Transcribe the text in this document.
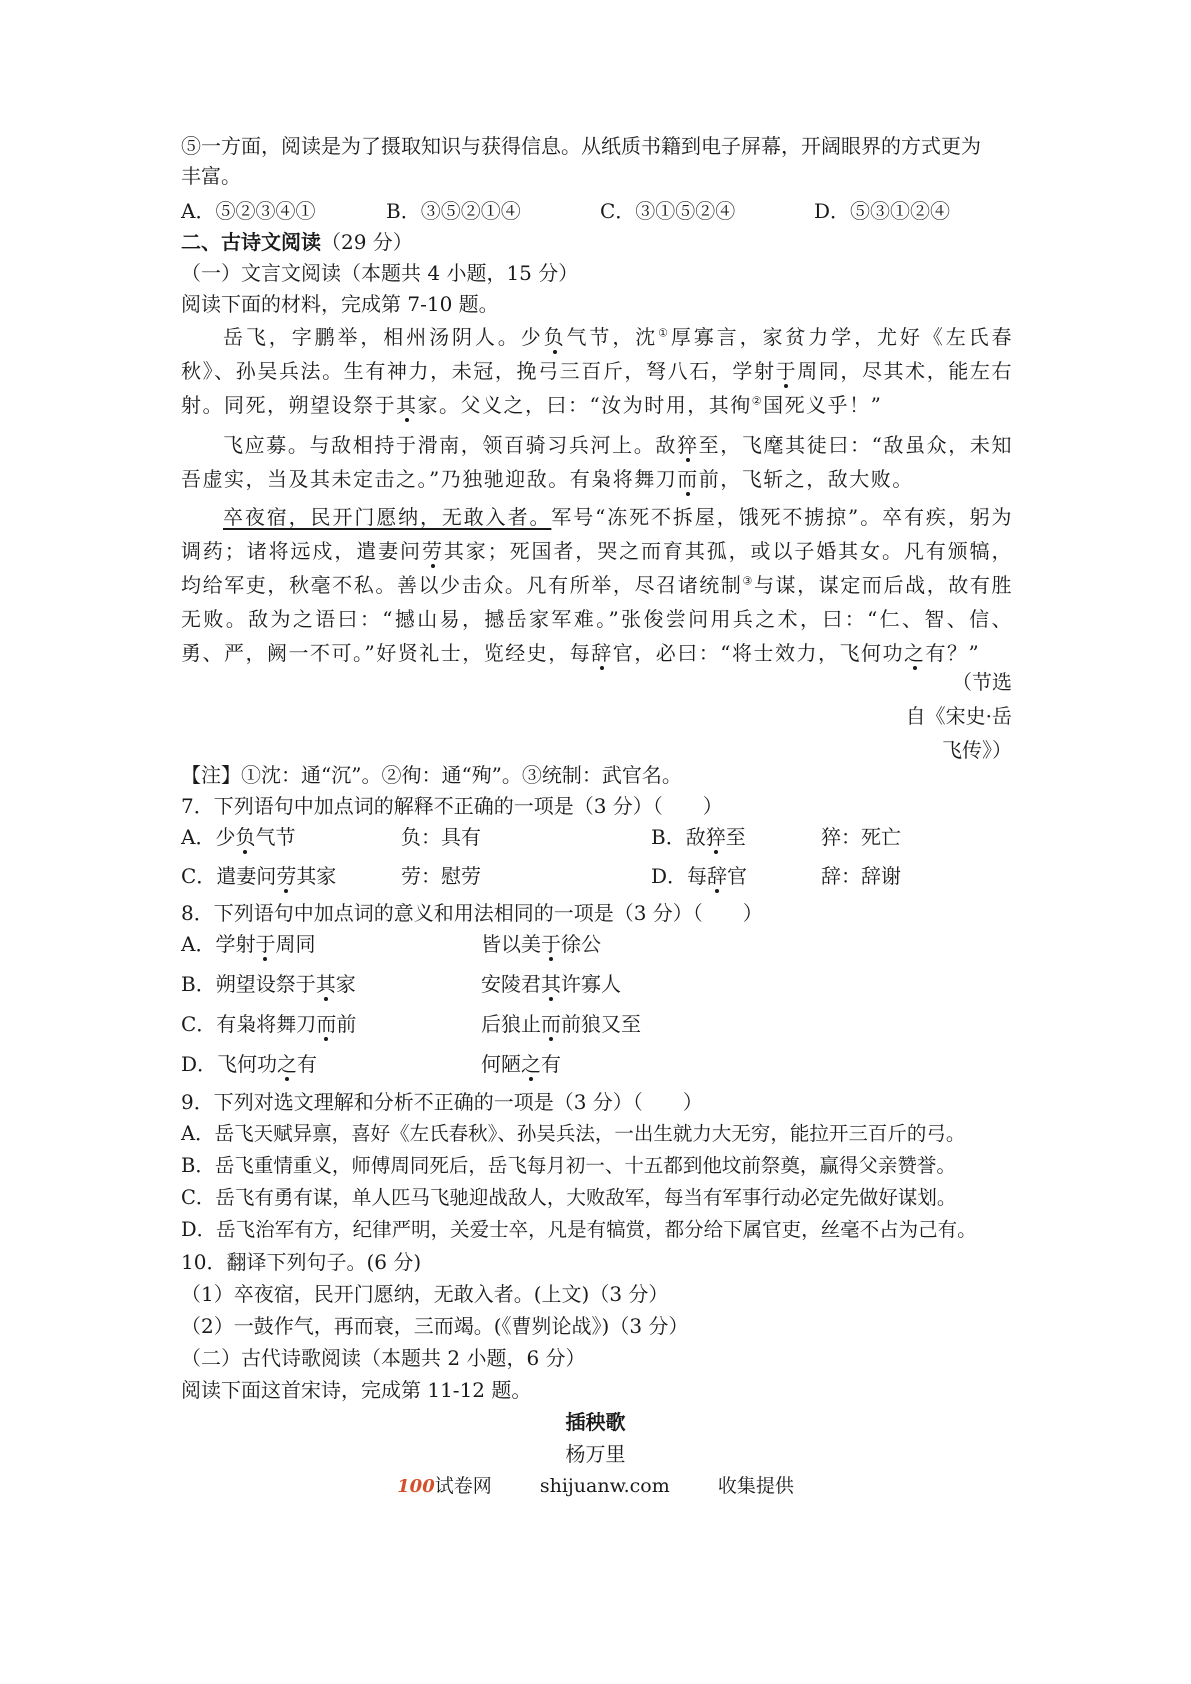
⑤一方面，阅读是为了摄取知识与获得信息。从纸质书籍到电子屏幕，开阔眼界的方式更为
丰富。
A．⑤②③④①	B．③⑤②①④	C．③①⑤②④	D．⑤③①②④
二、古诗文阅读（29 分）
（一）文言文阅读（本题共 4 小题，15 分）
阅读下面的材料，完成第 7-10 题。
岳飞，字鹏举，相州汤阴人。少负气节，沈①厚寡言，家贫力学，尤好《左氏春秋》、孙吴兵法。生有神力，未冠，挽弓三百斤，弩八石，学射于周同，尽其术，能左右射。同死，朔望设祭于其家。父义之，曰：“汝为时用，其徇②国死义乎！”
飞应募。与敌相持于滑南，领百骑习兵河上。敌猝至，飞麾其徒曰：“敌虽众，未知吾虚实，当及其未定击之。”乃独驰迎敌。有枭将舞刀而前，飞斩之，敌大败。
卒夜宿，民开门愿纳，无敢入者。军号“冻死不拆屋，饿死不掳掠”。卒有疾，躬为调药；诸将远戍，遣妻问劳其家；死国者，哭之而育其孤，或以子婚其女。凡有颁犒，均给军吏，秋毫不私。善以少击众。凡有所举，尽召诸统制③与谋，谋定而后战，故有胜无败。敌为之语曰：“撼山易，撼岳家军难。”张俊尝问用兵之术，曰：“仁、智、信、勇、严，阙一不可。”好贤礼士，览经史，每辞官，必曰：“将士效力，飞何功之有？”
（节选
自《宋史·岳
飞传》）
【注】①沈：通“沉”。②徇：通“殉”。③统制：武官名。
7．下列语句中加点词的解释不正确的一项是（3 分）（　　）
A．少负气节	负：具有	B．敌猝至	猝：死亡
C．遣妻问劳其家	劳：慰劳	D．每辞官	辞：辞谢
8．下列语句中加点词的意义和用法相同的一项是（3 分）（　　）
A．学射于周同	皆以美于徐公
B．朔望设祭于其家	安陵君其许寡人
C．有枭将舞刀而前	后狼止而前狼又至
D．飞何功之有	何陋之有
9．下列对选文理解和分析不正确的一项是（3 分）（　　）
A．岳飞天赋异禀，喜好《左氏春秋》、孙吴兵法，一出生就力大无穷，能拉开三百斤的弓。
B．岳飞重情重义，师傅周同死后，岳飞每月初一、十五都到他坟前祭奠，赢得父亲赞誉。
C．岳飞有勇有谋，单人匹马飞驰迎战敌人，大败敌军，每当有军事行动必定先做好谋划。
D．岳飞治军有方，纪律严明，关爱士卒，凡是有犒赏，都分给下属官吏，丝毫不占为己有。
10．翻译下列句子。(6 分)
（1）卒夜宿，民开门愿纳，无敢入者。(上文)（3 分）
（2）一鼓作气，再而衰，三而竭。(《曹刿论战》)（3 分）
（二）古代诗歌阅读（本题共 2 小题，6 分）
阅读下面这首宋诗，完成第 11-12 题。
插秧歌
杨万里
100试卷网	shijuanw.com	收集提供
